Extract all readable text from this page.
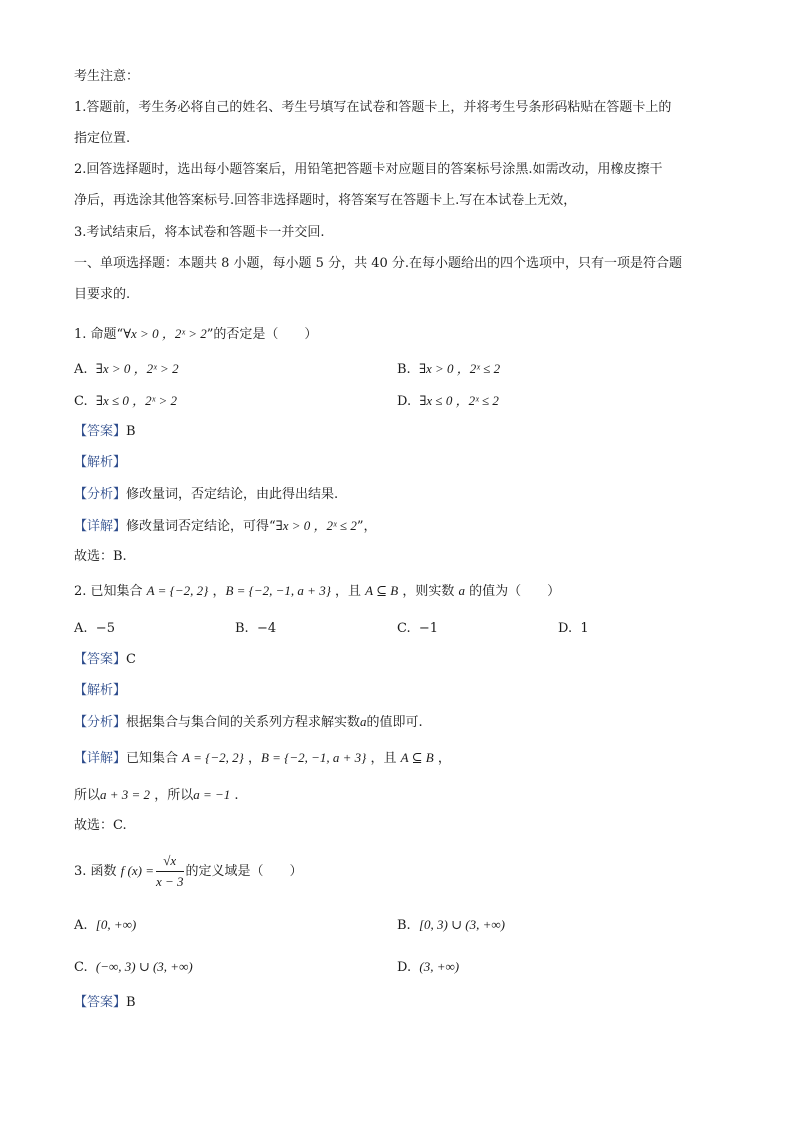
考生注意：
1.答题前，考生务必将自己的姓名、考生号填写在试卷和答题卡上，并将考生号条形码粘贴在答题卡上的
指定位置.
2.回答选择题时，选出每小题答案后，用铅笔把答题卡对应题目的答案标号涂黑.如需改动，用橡皮擦干
净后，再选涂其他答案标号.回答非选择题时，将答案写在答题卡上.写在本试卷上无效，
3.考试结束后，将本试卷和答题卡一并交回.
一、单项选择题：本题共 8 小题，每小题 5 分，共 40 分.在每小题给出的四个选项中，只有一项是符合题
目要求的.
1. 命题“∀x > 0 ，2ˣ > 2”的否定是（　　）
A. ∃x > 0 ，2ˣ > 2	B. ∃x > 0 ，2ˣ ≤ 2
C. ∃x ≤ 0 ，2ˣ > 2	D. ∃x ≤ 0 ，2ˣ ≤ 2
【答案】B
【解析】
【分析】修改量词，否定结论，由此得出结果.
【详解】修改量词否定结论，可得“∃x > 0 ，2ˣ ≤ 2”，
故选：B.
2. 已知集合 A = {−2, 2} ，B = {−2, −1, a + 3} ，且 A ⊆ B ，则实数 a 的值为（　　）
A. −5	B. −4	C. −1	D. 1
【答案】C
【解析】
【分析】根据集合与集合间的关系列方程求解实数a的值即可.
【详解】已知集合 A = {−2, 2} ，B = {−2, −1, a + 3} ，且 A ⊆ B ，
所以a + 3 = 2 ，所以a = −1 .
故选：C.
3. 函数 f $(x) = \frac{√x}{x - 3}$ 的定义域是（　　）
A. [0, +∞)	B. [0, 3) ∪ (3, +∞)
C. (−∞, 3) ∪ (3, +∞)	D. (3, +∞)
【答案】B
